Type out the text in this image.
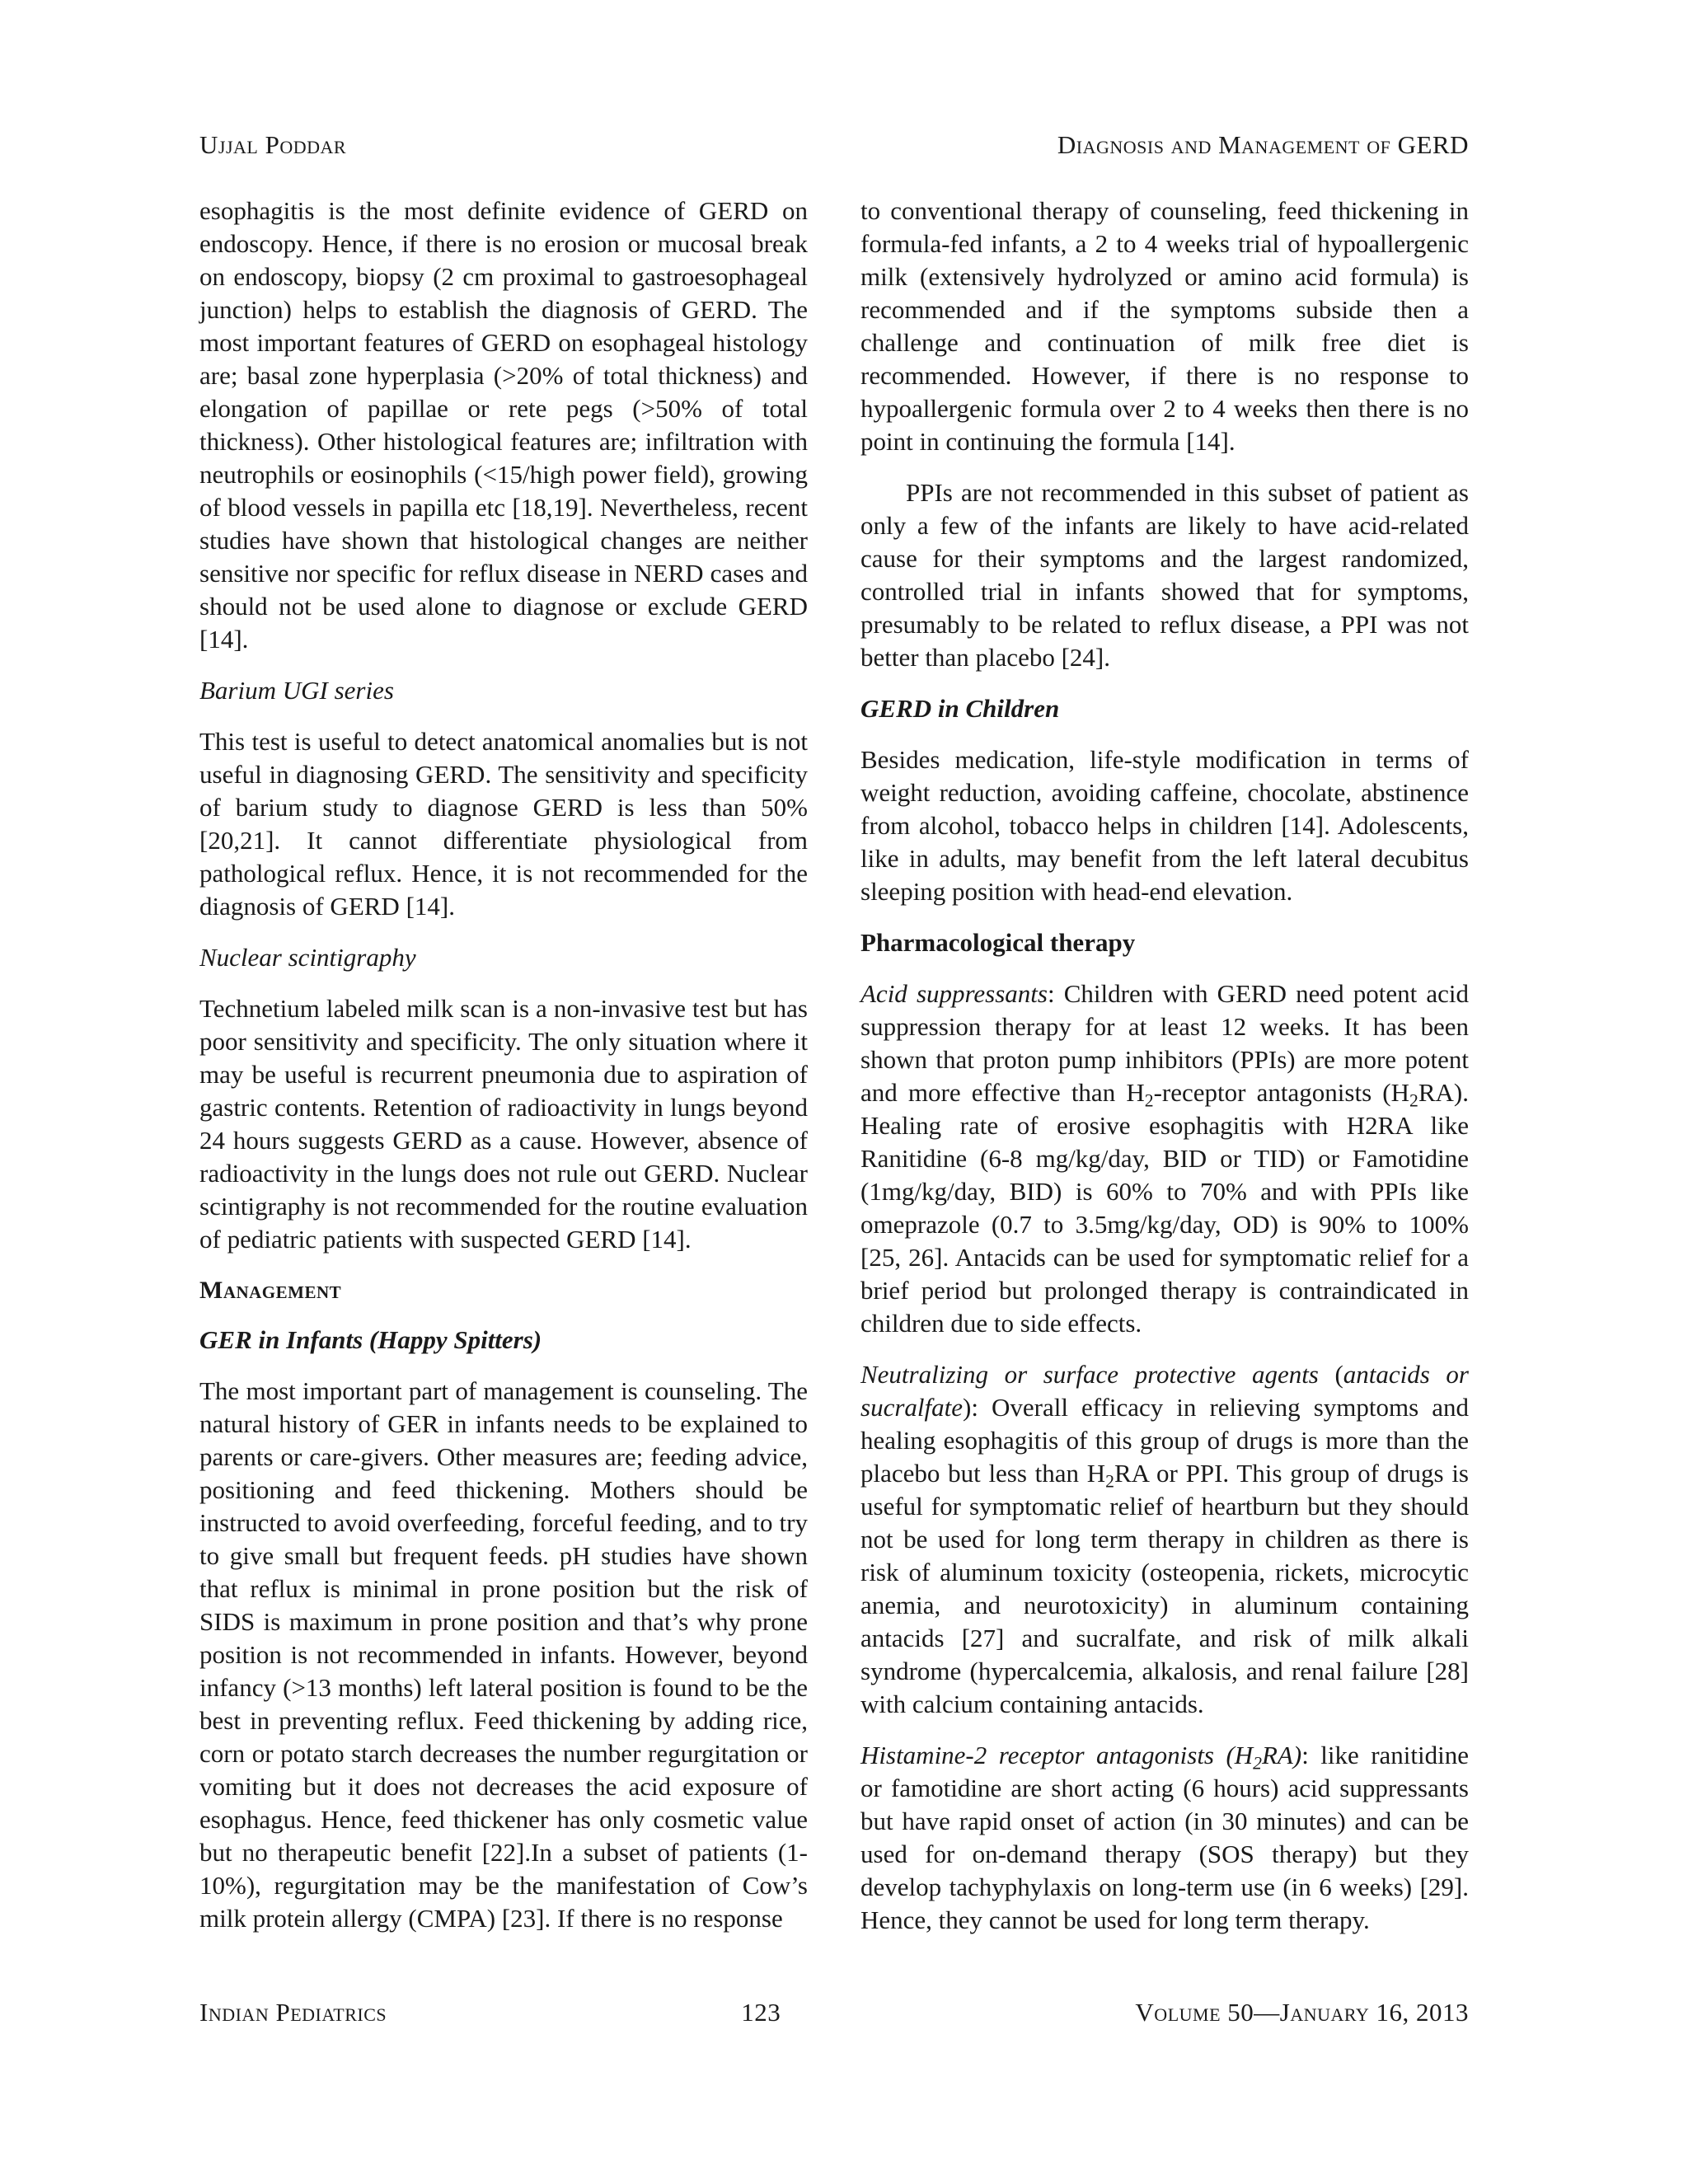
Ujjal Poddar	Diagnosis and Management of GERD

esophagitis is the most definite evidence of GERD on endoscopy. Hence, if there is no erosion or mucosal break on endoscopy, biopsy (2 cm proximal to gastroesophageal junction) helps to establish the diagnosis of GERD. The most important features of GERD on esophageal histology are; basal zone hyperplasia (>20% of total thickness) and elongation of papillae or rete pegs (>50% of total thickness). Other histological features are; infiltration with neutrophils or eosinophils (<15/high power field), growing of blood vessels in papilla etc [18,19]. Nevertheless, recent studies have shown that histological changes are neither sensitive nor specific for reflux disease in NERD cases and should not be used alone to diagnose or exclude GERD [14].

Barium UGI series

This test is useful to detect anatomical anomalies but is not useful in diagnosing GERD. The sensitivity and specificity of barium study to diagnose GERD is less than 50% [20,21]. It cannot differentiate physiological from pathological reflux. Hence, it is not recommended for the diagnosis of GERD [14].

Nuclear scintigraphy

Technetium labeled milk scan is a non-invasive test but has poor sensitivity and specificity. The only situation where it may be useful is recurrent pneumonia due to aspiration of gastric contents. Retention of radioactivity in lungs beyond 24 hours suggests GERD as a cause. However, absence of radioactivity in the lungs does not rule out GERD. Nuclear scintigraphy is not recommended for the routine evaluation of pediatric patients with suspected GERD [14].

Management

GER in Infants (Happy Spitters)

The most important part of management is counseling. The natural history of GER in infants needs to be explained to parents or care-givers. Other measures are; feeding advice, positioning and feed thickening. Mothers should be instructed to avoid overfeeding, forceful feeding, and to try to give small but frequent feeds. pH studies have shown that reflux is minimal in prone position but the risk of SIDS is maximum in prone position and that’s why prone position is not recommended in infants. However, beyond infancy (>13 months) left lateral position is found to be the best in preventing reflux. Feed thickening by adding rice, corn or potato starch decreases the number regurgitation or vomiting but it does not decreases the acid exposure of esophagus. Hence, feed thickener has only cosmetic value but no therapeutic benefit [22].In a subset of patients (1-10%), regurgitation may be the manifestation of Cow’s milk protein allergy (CMPA) [23]. If there is no response

to conventional therapy of counseling, feed thickening in formula-fed infants, a 2 to 4 weeks trial of hypoallergenic milk (extensively hydrolyzed or amino acid formula) is recommended and if the symptoms subside then a challenge and continuation of milk free diet is recommended. However, if there is no response to hypoallergenic formula over 2 to 4 weeks then there is no point in continuing the formula [14].

PPIs are not recommended in this subset of patient as only a few of the infants are likely to have acid-related cause for their symptoms and the largest randomized, controlled trial in infants showed that for symptoms, presumably to be related to reflux disease, a PPI was not better than placebo [24].

GERD in Children

Besides medication, life-style modification in terms of weight reduction, avoiding caffeine, chocolate, abstinence from alcohol, tobacco helps in children [14]. Adolescents, like in adults, may benefit from the left lateral decubitus sleeping position with head-end elevation.

Pharmacological therapy

Acid suppressants: Children with GERD need potent acid suppression therapy for at least 12 weeks. It has been shown that proton pump inhibitors (PPIs) are more potent and more effective than $H_2$-receptor antagonists $(H_2RA)$. Healing rate of erosive esophagitis with H2RA like Ranitidine (6-8 mg/kg/day, BID or TID) or Famotidine (1mg/kg/day, BID) is 60% to 70% and with PPIs like omeprazole (0.7 to 3.5mg/kg/day, OD) is 90% to 100% [25, 26]. Antacids can be used for symptomatic relief for a brief period but prolonged therapy is contraindicated in children due to side effects.

Neutralizing or surface protective agents (antacids or sucralfate): Overall efficacy in relieving symptoms and healing esophagitis of this group of drugs is more than the placebo but less than $H_2RA$ or PPI. This group of drugs is useful for symptomatic relief of heartburn but they should not be used for long term therapy in children as there is risk of aluminum toxicity (osteopenia, rickets, microcytic anemia, and neurotoxicity) in aluminum containing antacids [27] and sucralfate, and risk of milk alkali syndrome (hypercalcemia, alkalosis, and renal failure [28] with calcium containing antacids.

Histamine-2 receptor antagonists $(H_2RA)$: like ranitidine or famotidine are short acting (6 hours) acid suppressants but have rapid onset of action (in 30 minutes) and can be used for on-demand therapy (SOS therapy) but they develop tachyphylaxis on long-term use (in 6 weeks) [29]. Hence, they cannot be used for long term therapy.

Indian Pediatrics	123	Volume 50—January 16, 2013
